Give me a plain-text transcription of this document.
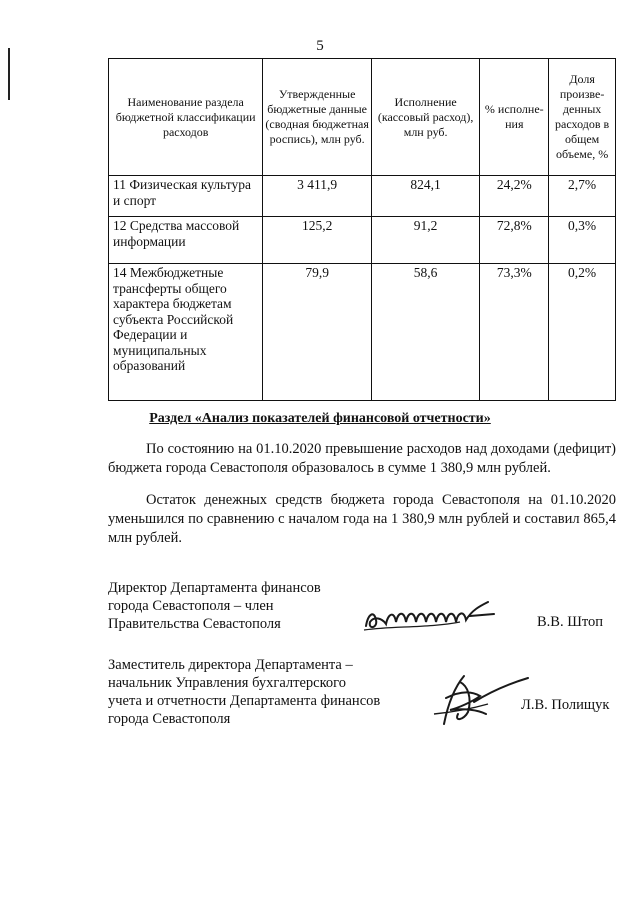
5
Наименование раздела бюджетной классификации расходов	Утвержденные бюджетные данные (сводная бюджетная роспись), млн руб.	Исполнение (кассовый расход), млн руб.	% исполне-ния	Доля произве-денных расходов в общем объеме, %
11 Физическая культура и спорт	3 411,9	824,1	24,2%	2,7%
12 Средства массовой информации	125,2	91,2	72,8%	0,3%
14 Межбюджетные трансферты общего характера бюджетам субъекта Российской Федерации и муниципальных образований	79,9	58,6	73,3%	0,2%
Раздел «Анализ показателей финансовой отчетности»

По состоянию на 01.10.2020 превышение расходов над доходами (дефицит) бюджета города Севастополя образовалось в сумме 1 380,9 млн рублей.

Остаток денежных средств бюджета города Севастополя на 01.10.2020 уменьшился по сравнению с началом года на 1 380,9 млн рублей и составил 865,4 млн рублей.

Директор Департамента финансов
города Севастополя – член
Правительства Севастополя	В.В. Штоп
Заместитель директора Департамента –
начальник Управления бухгалтерского
учета и отчетности Департамента финансов
города Севастополя
Л.В. Полищук
